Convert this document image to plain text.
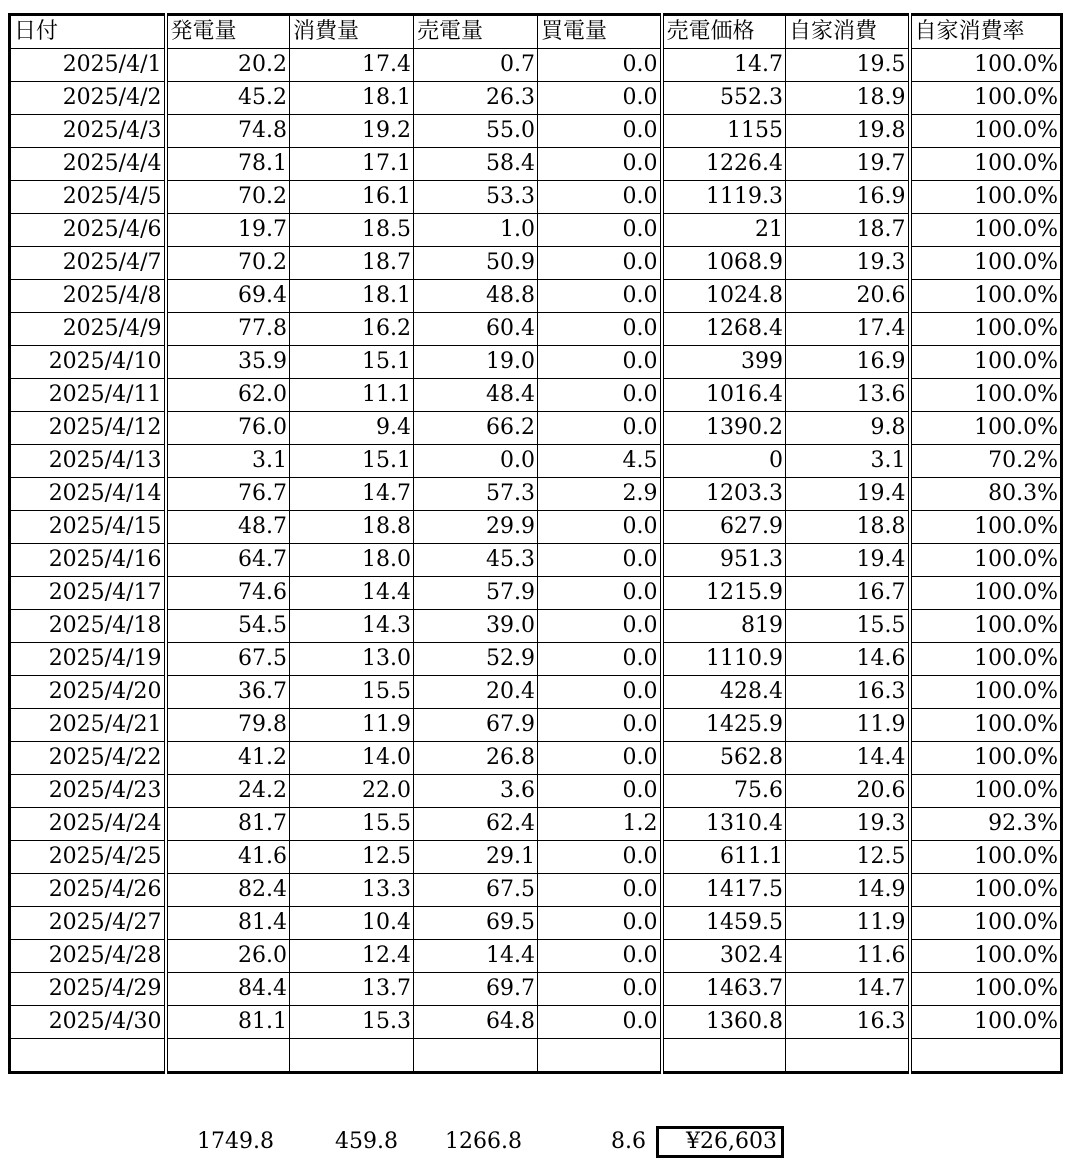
日付	発電量	消費量	売電量	買電量	売電価格	自家消費	自家消費率
2025/4/1	20.2	17.4	0.7	0.0	14.7	19.5	100.0%
2025/4/2	45.2	18.1	26.3	0.0	552.3	18.9	100.0%
2025/4/3	74.8	19.2	55.0	0.0	1155	19.8	100.0%
2025/4/4	78.1	17.1	58.4	0.0	1226.4	19.7	100.0%
2025/4/5	70.2	16.1	53.3	0.0	1119.3	16.9	100.0%
2025/4/6	19.7	18.5	1.0	0.0	21	18.7	100.0%
2025/4/7	70.2	18.7	50.9	0.0	1068.9	19.3	100.0%
2025/4/8	69.4	18.1	48.8	0.0	1024.8	20.6	100.0%
2025/4/9	77.8	16.2	60.4	0.0	1268.4	17.4	100.0%
2025/4/10	35.9	15.1	19.0	0.0	399	16.9	100.0%
2025/4/11	62.0	11.1	48.4	0.0	1016.4	13.6	100.0%
2025/4/12	76.0	9.4	66.2	0.0	1390.2	9.8	100.0%
2025/4/13	3.1	15.1	0.0	4.5	0	3.1	70.2%
2025/4/14	76.7	14.7	57.3	2.9	1203.3	19.4	80.3%
2025/4/15	48.7	18.8	29.9	0.0	627.9	18.8	100.0%
2025/4/16	64.7	18.0	45.3	0.0	951.3	19.4	100.0%
2025/4/17	74.6	14.4	57.9	0.0	1215.9	16.7	100.0%
2025/4/18	54.5	14.3	39.0	0.0	819	15.5	100.0%
2025/4/19	67.5	13.0	52.9	0.0	1110.9	14.6	100.0%
2025/4/20	36.7	15.5	20.4	0.0	428.4	16.3	100.0%
2025/4/21	79.8	11.9	67.9	0.0	1425.9	11.9	100.0%
2025/4/22	41.2	14.0	26.8	0.0	562.8	14.4	100.0%
2025/4/23	24.2	22.0	3.6	0.0	75.6	20.6	100.0%
2025/4/24	81.7	15.5	62.4	1.2	1310.4	19.3	92.3%
2025/4/25	41.6	12.5	29.1	0.0	611.1	12.5	100.0%
2025/4/26	82.4	13.3	67.5	0.0	1417.5	14.9	100.0%
2025/4/27	81.4	10.4	69.5	0.0	1459.5	11.9	100.0%
2025/4/28	26.0	12.4	14.4	0.0	302.4	11.6	100.0%
2025/4/29	84.4	13.7	69.7	0.0	1463.7	14.7	100.0%
2025/4/30	81.1	15.3	64.8	0.0	1360.8	16.3	100.0%

1749.8	459.8	1266.8	8.6	¥26,603
